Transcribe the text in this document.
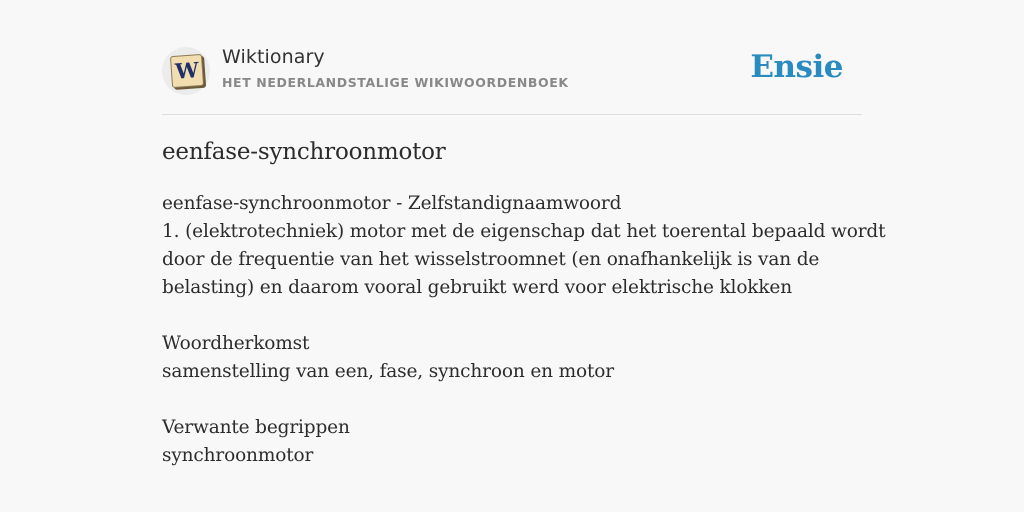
W
Wiktionary
HET NEDERLANDSTALIGE WIKIWOORDENBOEK	Ensie
eenfase-synchroonmotor
eenfase-synchroonmotor - Zelfstandignaamwoord
1. (elektrotechniek) motor met de eigenschap dat het toerental bepaald wordt
door de frequentie van het wisselstroomnet (en onafhankelijk is van de
belasting) en daarom vooral gebruikt werd voor elektrische klokken
Woordherkomst
samenstelling van een, fase, synchroon en motor
Verwante begrippen
synchroonmotor
